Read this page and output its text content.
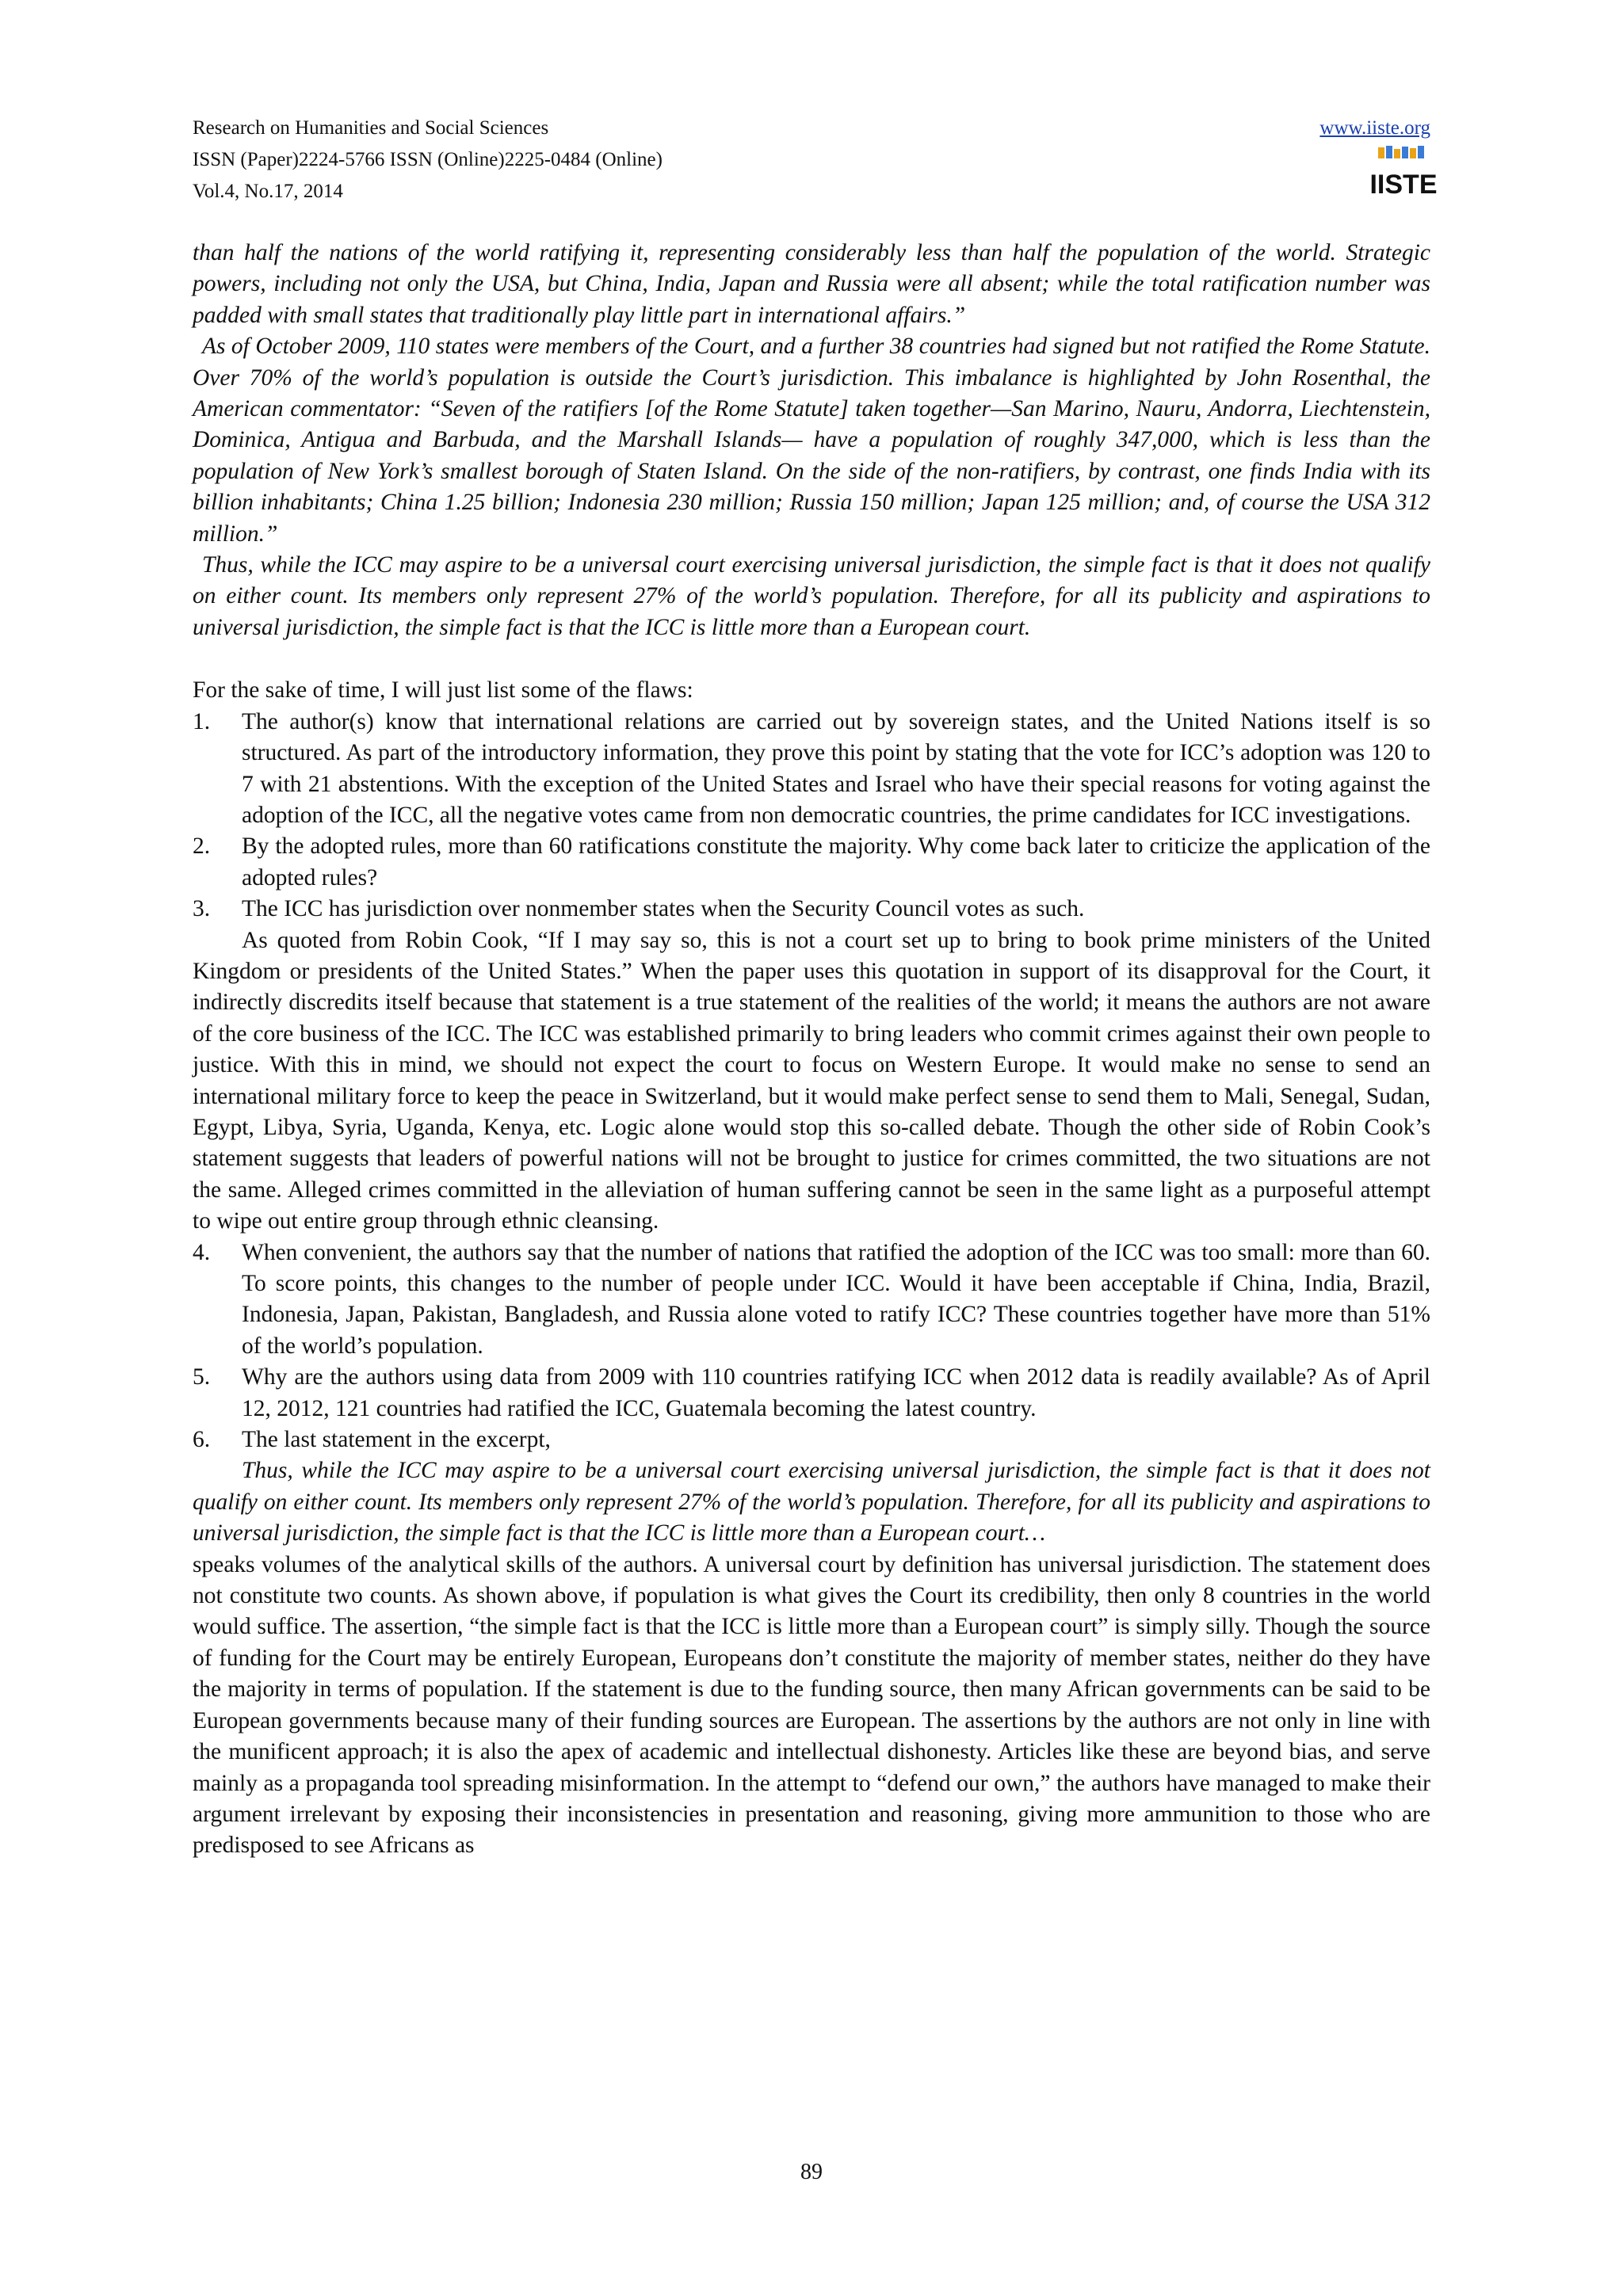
Research on Humanities and Social Sciences
ISSN (Paper)2224-5766 ISSN (Online)2225-0484 (Online)
Vol.4, No.17, 2014
www.iiste.org
IISTE

than half the nations of the world ratifying it, representing considerably less than half the population of the world. Strategic powers, including not only the USA, but China, India, Japan and Russia were all absent; while the total ratification number was padded with small states that traditionally play little part in international affairs.”

As of October 2009, 110 states were members of the Court, and a further 38 countries had signed but not ratified the Rome Statute. Over 70% of the world’s population is outside the Court’s jurisdiction. This imbalance is highlighted by John Rosenthal, the American commentator: “Seven of the ratifiers [of the Rome Statute] taken together—San Marino, Nauru, Andorra, Liechtenstein, Dominica, Antigua and Barbuda, and the Marshall Islands— have a population of roughly 347,000, which is less than the population of New York’s smallest borough of Staten Island. On the side of the non-ratifiers, by contrast, one finds India with its billion inhabitants; China 1.25 billion; Indonesia 230 million; Russia 150 million; Japan 125 million; and, of course the USA 312 million.”

Thus, while the ICC may aspire to be a universal court exercising universal jurisdiction, the simple fact is that it does not qualify on either count. Its members only represent 27% of the world’s population. Therefore, for all its publicity and aspirations to universal jurisdiction, the simple fact is that the ICC is little more than a European court.

For the sake of time, I will just list some of the flaws:

1. The author(s) know that international relations are carried out by sovereign states, and the United Nations itself is so structured. As part of the introductory information, they prove this point by stating that the vote for ICC’s adoption was 120 to 7 with 21 abstentions. With the exception of the United States and Israel who have their special reasons for voting against the adoption of the ICC, all the negative votes came from non democratic countries, the prime candidates for ICC investigations.

2. By the adopted rules, more than 60 ratifications constitute the majority. Why come back later to criticize the application of the adopted rules?

3. The ICC has jurisdiction over nonmember states when the Security Council votes as such.

As quoted from Robin Cook, “If I may say so, this is not a court set up to bring to book prime ministers of the United Kingdom or presidents of the United States.” When the paper uses this quotation in support of its disapproval for the Court, it indirectly discredits itself because that statement is a true statement of the realities of the world; it means the authors are not aware of the core business of the ICC. The ICC was established primarily to bring leaders who commit crimes against their own people to justice. With this in mind, we should not expect the court to focus on Western Europe. It would make no sense to send an international military force to keep the peace in Switzerland, but it would make perfect sense to send them to Mali, Senegal, Sudan, Egypt, Libya, Syria, Uganda, Kenya, etc. Logic alone would stop this so-called debate. Though the other side of Robin Cook’s statement suggests that leaders of powerful nations will not be brought to justice for crimes committed, the two situations are not the same. Alleged crimes committed in the alleviation of human suffering cannot be seen in the same light as a purposeful attempt to wipe out entire group through ethnic cleansing.

4. When convenient, the authors say that the number of nations that ratified the adoption of the ICC was too small: more than 60. To score points, this changes to the number of people under ICC. Would it have been acceptable if China, India, Brazil, Indonesia, Japan, Pakistan, Bangladesh, and Russia alone voted to ratify ICC? These countries together have more than 51% of the world’s population.

5. Why are the authors using data from 2009 with 110 countries ratifying ICC when 2012 data is readily available? As of April 12, 2012, 121 countries had ratified the ICC, Guatemala becoming the latest country.

6. The last statement in the excerpt,

Thus, while the ICC may aspire to be a universal court exercising universal jurisdiction, the simple fact is that it does not qualify on either count. Its members only represent 27% of the world’s population. Therefore, for all its publicity and aspirations to universal jurisdiction, the simple fact is that the ICC is little more than a European court…

speaks volumes of the analytical skills of the authors. A universal court by definition has universal jurisdiction. The statement does not constitute two counts. As shown above, if population is what gives the Court its credibility, then only 8 countries in the world would suffice. The assertion, “the simple fact is that the ICC is little more than a European court” is simply silly. Though the source of funding for the Court may be entirely European, Europeans don’t constitute the majority of member states, neither do they have the majority in terms of population. If the statement is due to the funding source, then many African governments can be said to be European governments because many of their funding sources are European. The assertions by the authors are not only in line with the munificent approach; it is also the apex of academic and intellectual dishonesty. Articles like these are beyond bias, and serve mainly as a propaganda tool spreading misinformation. In the attempt to “defend our own,” the authors have managed to make their argument irrelevant by exposing their inconsistencies in presentation and reasoning, giving more ammunition to those who are predisposed to see Africans as

89
